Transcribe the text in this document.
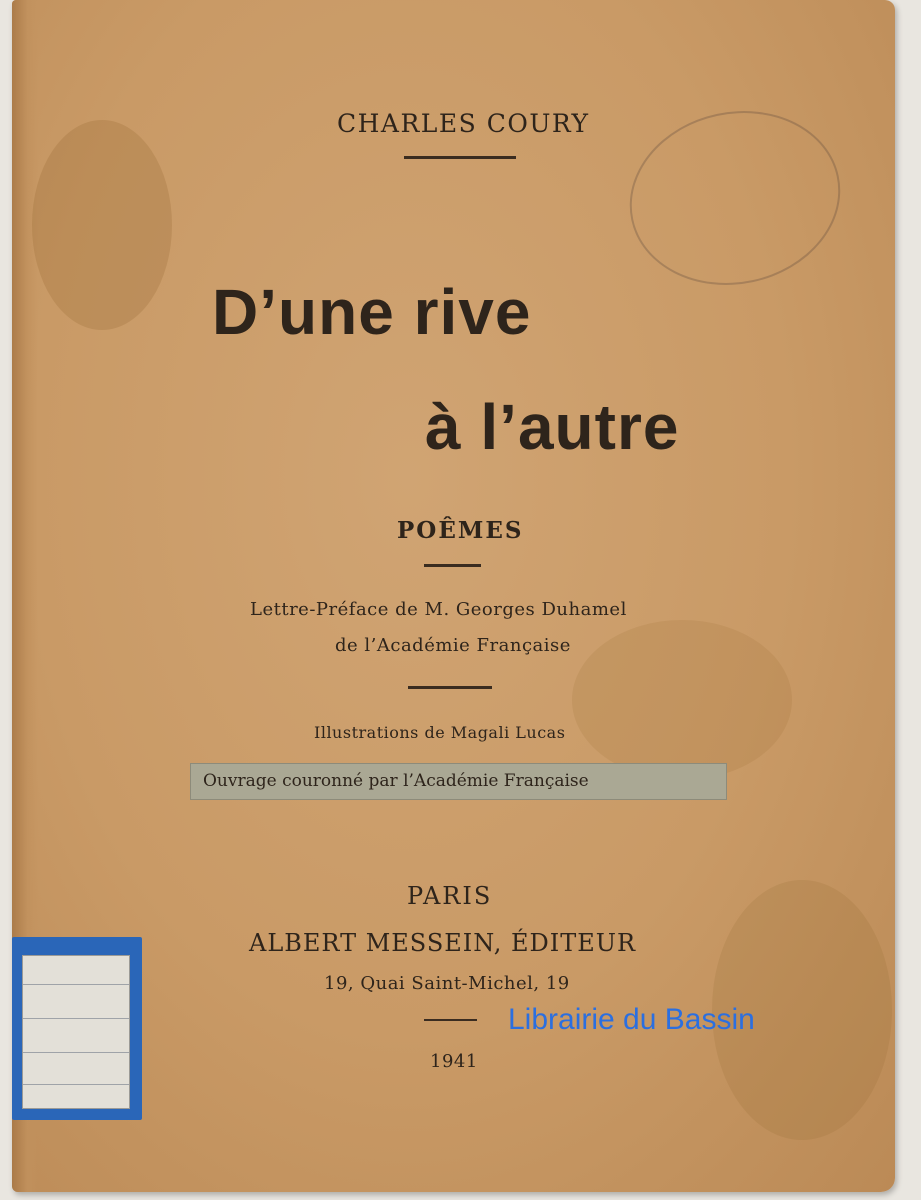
CHARLES COURY
D’une rive
à l’autre
POÊMES
Lettre-Préface de M. Georges Duhamel
de l’Académie Française
Illustrations de Magali Lucas
Ouvrage couronné par l’Académie Française
PARIS
ALBERT MESSEIN, ÉDITEUR
19, Quai Saint-Michel, 19
1941
Librairie du Bassin
